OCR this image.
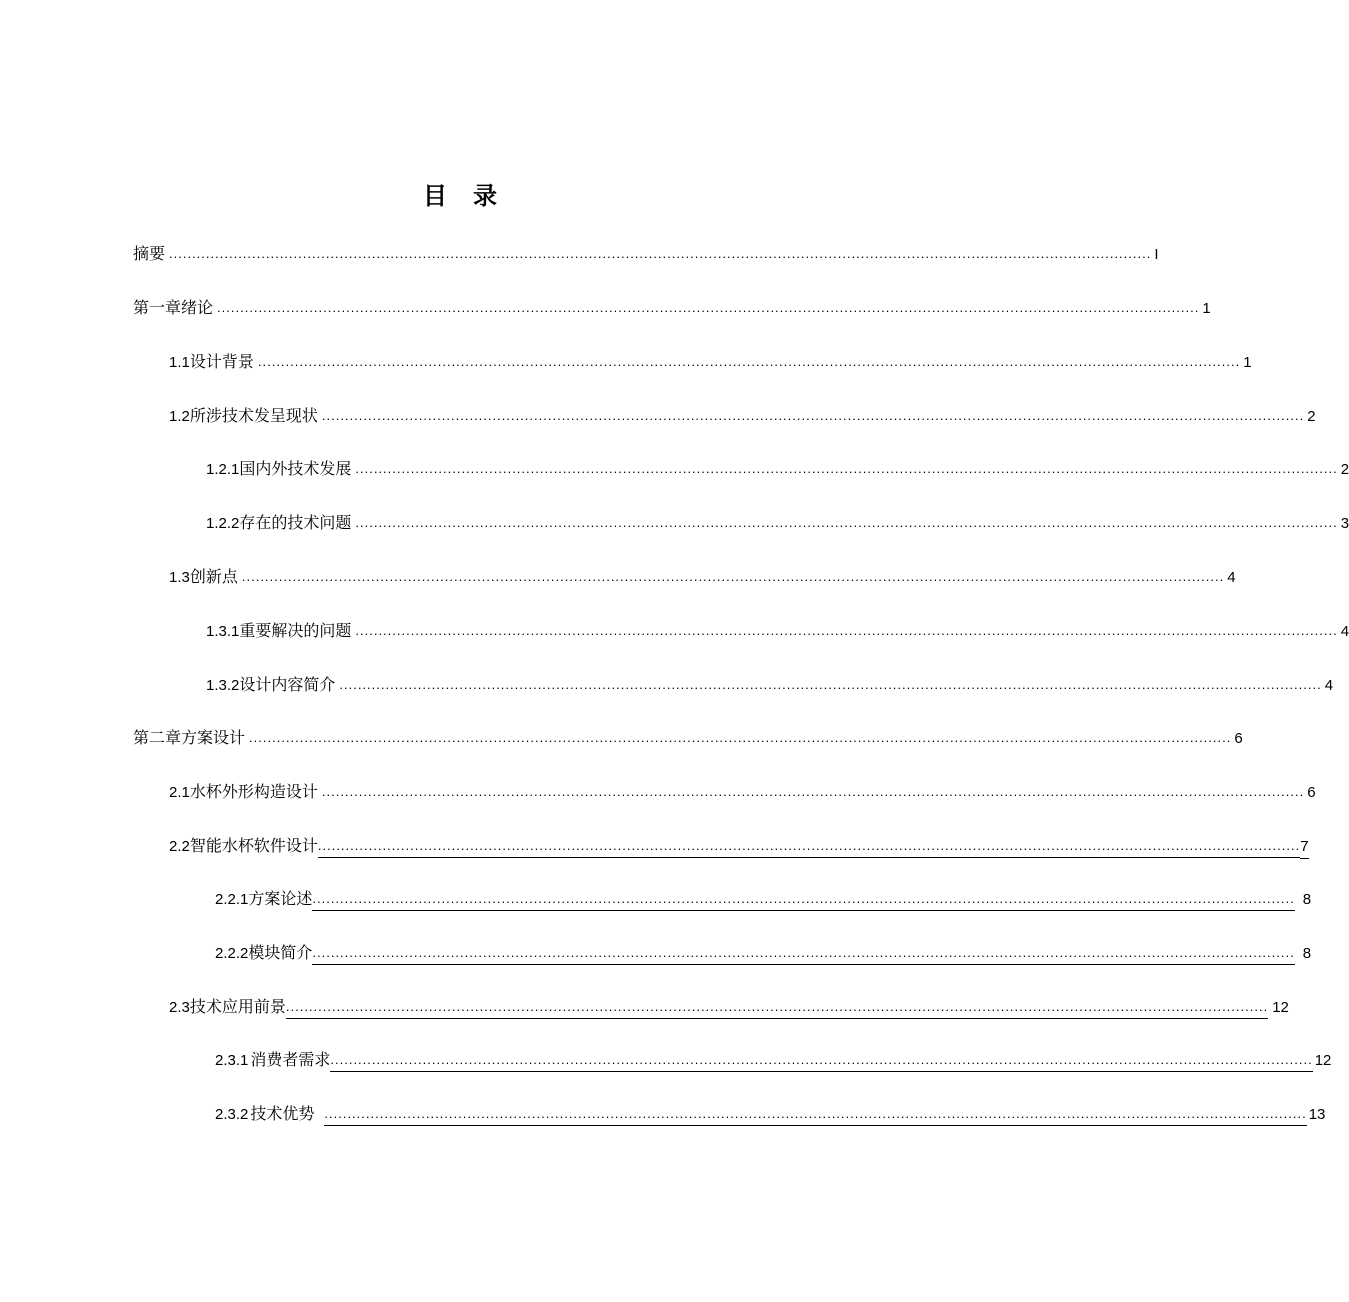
目录
摘要 ..................................................................................................................................................................................................................... I
第一章 绪论 ..................................................................................................................................................................................................................... 1
1.1 设计背景 ..................................................................................................................................................................................................................... 1
1.2 所涉技术发呈现状 ..................................................................................................................................................................................................................... 2
1.2.1 国内外技术发展 ..................................................................................................................................................................................................................... 2
1.2.2 存在的技术问题 ..................................................................................................................................................................................................................... 3
1.3 创新点 ..................................................................................................................................................................................................................... 4
1.3.1 重要解决的问题 ..................................................................................................................................................................................................................... 4
1.3.2 设计内容简介 ..................................................................................................................................................................................................................... 4
第二章 方案设计 ..................................................................................................................................................................................................................... 6
2.1 水杯外形构造设计 ..................................................................................................................................................................................................................... 6
2.2 智能水杯软件设计 ..................................................................................................................................................................................................................... 7
2.2.1 方案论述 ..................................................................................................................................................................................................................... 8
2.2.2 模块简介 ..................................................................................................................................................................................................................... 8
2.3 技术应用前景 ..................................................................................................................................................................................................................... 12
2.3.1 消费者需求 ..................................................................................................................................................................................................................... 12
2.3.2 技术优势 ..................................................................................................................................................................................................................... 13
